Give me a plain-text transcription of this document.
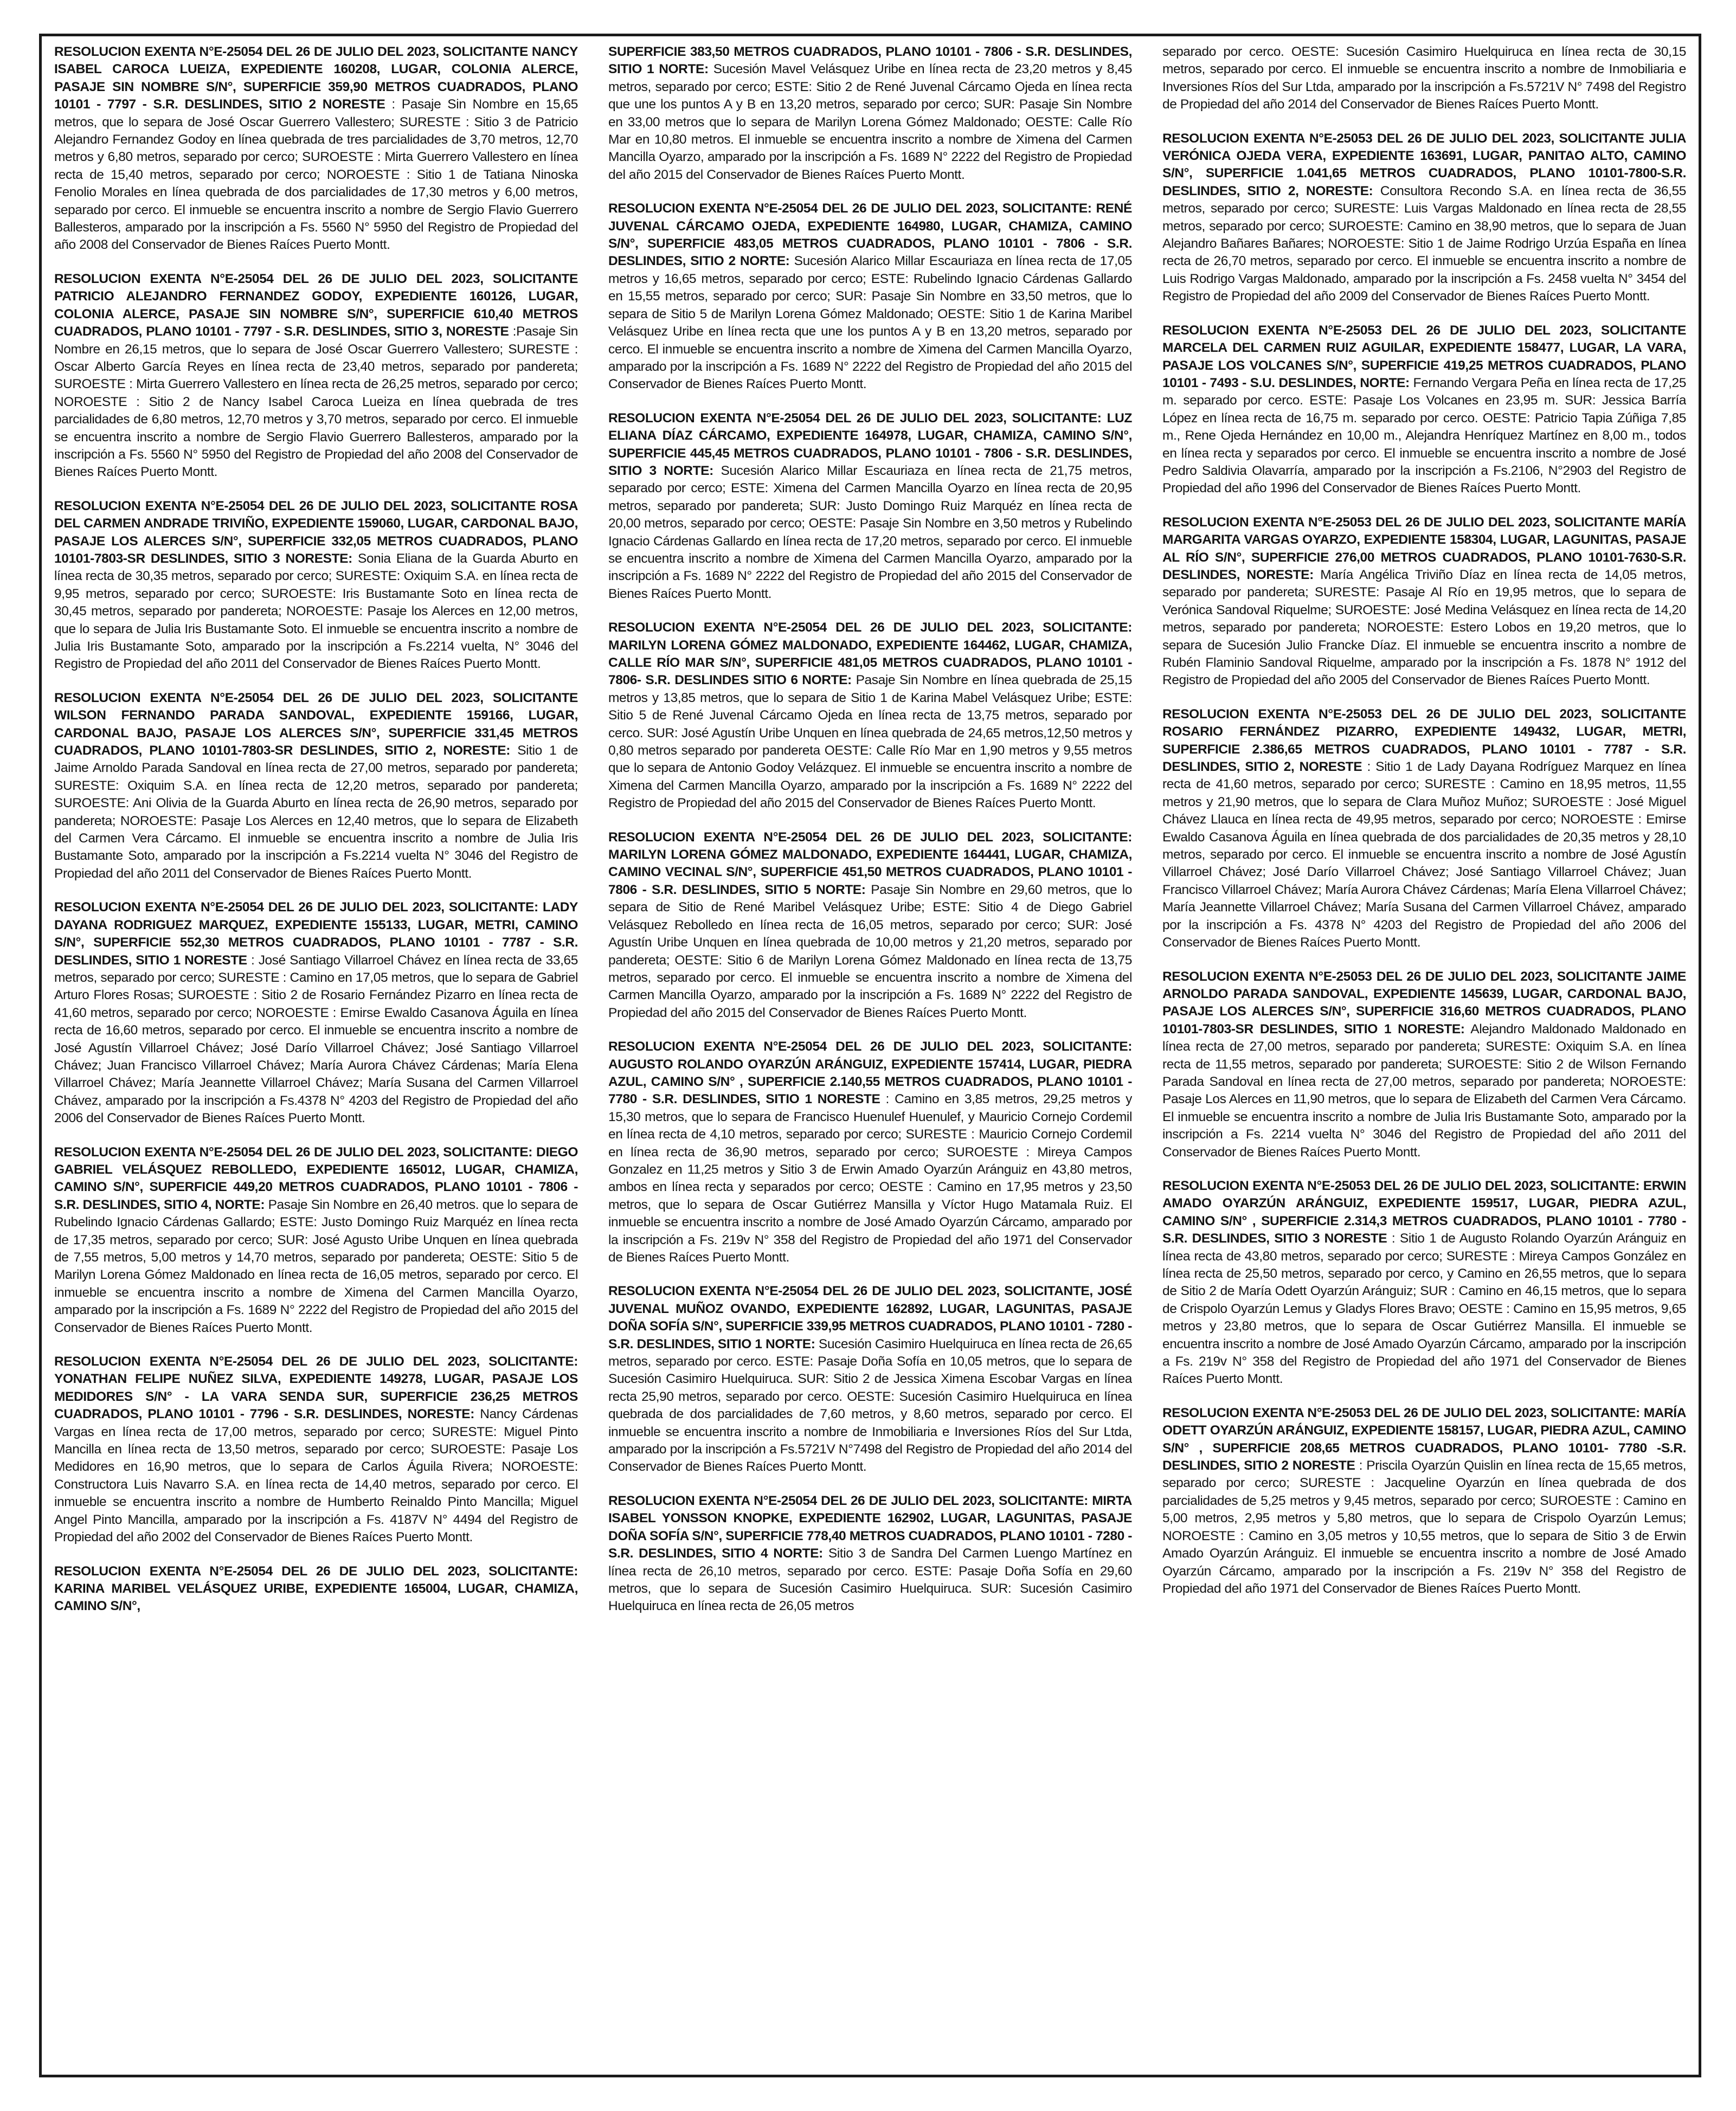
RESOLUCION EXENTA N°E-25054 DEL 26 DE JULIO DEL 2023, SOLICITANTE NANCY ISABEL CAROCA LUEIZA, EXPEDIENTE 160208, LUGAR, COLONIA ALERCE, PASAJE SIN NOMBRE S/N°, SUPERFICIE 359,90 METROS CUADRADOS, PLANO 10101 - 7797 - S.R. DESLINDES, SITIO 2 NORESTE : Pasaje Sin Nombre en 15,65 metros, que lo separa de José Oscar Guerrero Vallestero; SURESTE : Sitio 3 de Patricio Alejandro Fernandez Godoy en línea quebrada de tres parcialidades de 3,70 metros, 12,70 metros y 6,80 metros, separado por cerco; SUROESTE : Mirta Guerrero Vallestero en línea recta de 15,40 metros, separado por cerco; NOROESTE : Sitio 1 de Tatiana Ninoska Fenolio Morales en línea quebrada de dos parcialidades de 17,30 metros y 6,00 metros, separado por cerco. El inmueble se encuentra inscrito a nombre de Sergio Flavio Guerrero Ballesteros, amparado por la inscripción a Fs. 5560 N° 5950 del Registro de Propiedad del año 2008 del Conservador de Bienes Raíces Puerto Montt.

RESOLUCION EXENTA N°E-25054 DEL 26 DE JULIO DEL 2023, SOLICITANTE PATRICIO ALEJANDRO FERNANDEZ GODOY, EXPEDIENTE 160126, LUGAR, COLONIA ALERCE, PASAJE SIN NOMBRE S/N°, SUPERFICIE 610,40 METROS CUADRADOS, PLANO 10101 - 7797 - S.R. DESLINDES, SITIO 3, NORESTE :Pasaje Sin Nombre en 26,15 metros, que lo separa de José Oscar Guerrero Vallestero; SURESTE : Oscar Alberto García Reyes en línea recta de 23,40 metros, separado por pandereta; SUROESTE : Mirta Guerrero Vallestero en línea recta de 26,25 metros, separado por cerco; NOROESTE : Sitio 2 de Nancy Isabel Caroca Lueiza en línea quebrada de tres parcialidades de 6,80 metros, 12,70 metros y 3,70 metros, separado por cerco. El inmueble se encuentra inscrito a nombre de Sergio Flavio Guerrero Ballesteros, amparado por la inscripción a Fs. 5560 N° 5950 del Registro de Propiedad del año 2008 del Conservador de Bienes Raíces Puerto Montt.

RESOLUCION EXENTA N°E-25054 DEL 26 DE JULIO DEL 2023, SOLICITANTE ROSA DEL CARMEN ANDRADE TRIVIÑO, EXPEDIENTE 159060, LUGAR, CARDONAL BAJO, PASAJE LOS ALERCES S/N°, SUPERFICIE 332,05 METROS CUADRADOS, PLANO 10101-7803-SR DESLINDES, SITIO 3 NORESTE: Sonia Eliana de la Guarda Aburto en línea recta de 30,35 metros, separado por cerco; SURESTE: Oxiquim S.A. en línea recta de 9,95 metros, separado por cerco; SUROESTE: Iris Bustamante Soto en línea recta de 30,45 metros, separado por pandereta; NOROESTE: Pasaje los Alerces en 12,00 metros, que lo separa de Julia Iris Bustamante Soto. El inmueble se encuentra inscrito a nombre de Julia Iris Bustamante Soto, amparado por la inscripción a Fs.2214 vuelta, N° 3046 del Registro de Propiedad del año 2011 del Conservador de Bienes Raíces Puerto Montt.

RESOLUCION EXENTA N°E-25054 DEL 26 DE JULIO DEL 2023, SOLICITANTE WILSON FERNANDO PARADA SANDOVAL, EXPEDIENTE 159166, LUGAR, CARDONAL BAJO, PASAJE LOS ALERCES S/N°, SUPERFICIE 331,45 METROS CUADRADOS, PLANO 10101-7803-SR DESLINDES, SITIO 2, NORESTE: Sitio 1 de Jaime Arnoldo Parada Sandoval en línea recta de 27,00 metros, separado por pandereta; SURESTE: Oxiquim S.A. en línea recta de 12,20 metros, separado por pandereta; SUROESTE: Ani Olivia de la Guarda Aburto en línea recta de 26,90 metros, separado por pandereta; NOROESTE: Pasaje Los Alerces en 12,40 metros, que lo separa de Elizabeth del Carmen Vera Cárcamo. El inmueble se encuentra inscrito a nombre de Julia Iris Bustamante Soto, amparado por la inscripción a Fs.2214 vuelta N° 3046 del Registro de Propiedad del año 2011 del Conservador de Bienes Raíces Puerto Montt.

RESOLUCION EXENTA N°E-25054 DEL 26 DE JULIO DEL 2023, SOLICITANTE: LADY DAYANA RODRIGUEZ MARQUEZ, EXPEDIENTE 155133, LUGAR, METRI, CAMINO S/N°, SUPERFICIE 552,30 METROS CUADRADOS, PLANO 10101 - 7787 - S.R. DESLINDES, SITIO 1 NORESTE : José Santiago Villarroel Chávez en línea recta de 33,65 metros, separado por cerco; SURESTE : Camino en 17,05 metros, que lo separa de Gabriel Arturo Flores Rosas; SUROESTE : Sitio 2 de Rosario Fernández Pizarro en línea recta de 41,60 metros, separado por cerco; NOROESTE : Emirse Ewaldo Casanova Águila en línea recta de 16,60 metros, separado por cerco. El inmueble se encuentra inscrito a nombre de José Agustín Villarroel Chávez; José Darío Villarroel Chávez; José Santiago Villarroel Chávez; Juan Francisco Villarroel Chávez; María Aurora Chávez Cárdenas; María Elena Villarroel Chávez; María Jeannette Villarroel Chávez; María Susana del Carmen Villarroel Chávez, amparado por la inscripción a Fs.4378 N° 4203 del Registro de Propiedad del año 2006 del Conservador de Bienes Raíces Puerto Montt.

RESOLUCION EXENTA N°E-25054 DEL 26 DE JULIO DEL 2023, SOLICITANTE: DIEGO GABRIEL VELÁSQUEZ REBOLLEDO, EXPEDIENTE 165012, LUGAR, CHAMIZA, CAMINO S/N°, SUPERFICIE 449,20 METROS CUADRADOS, PLANO 10101 - 7806 - S.R. DESLINDES, SITIO 4, NORTE: Pasaje Sin Nombre en 26,40 metros. que lo separa de Rubelindo Ignacio Cárdenas Gallardo; ESTE: Justo Domingo Ruiz Marquéz en línea recta de 17,35 metros, separado por cerco; SUR: José Agusto Uribe Unquen en línea quebrada de 7,55 metros, 5,00 metros y 14,70 metros, separado por pandereta; OESTE: Sitio 5 de Marilyn Lorena Gómez Maldonado en línea recta de 16,05 metros, separado por cerco. El inmueble se encuentra inscrito a nombre de Ximena del Carmen Mancilla Oyarzo, amparado por la inscripción a Fs. 1689 N° 2222 del Registro de Propiedad del año 2015 del Conservador de Bienes Raíces Puerto Montt.

RESOLUCION EXENTA N°E-25054 DEL 26 DE JULIO DEL 2023, SOLICITANTE: YONATHAN FELIPE NUÑEZ SILVA, EXPEDIENTE 149278, LUGAR, PASAJE LOS MEDIDORES S/N° - LA VARA SENDA SUR, SUPERFICIE 236,25 METROS CUADRADOS, PLANO 10101 - 7796 - S.R. DESLINDES, NORESTE: Nancy Cárdenas Vargas en línea recta de 17,00 metros, separado por cerco; SURESTE: Miguel Pinto Mancilla en línea recta de 13,50 metros, separado por cerco; SUROESTE: Pasaje Los Medidores en 16,90 metros, que lo separa de Carlos Águila Rivera; NOROESTE: Constructora Luis Navarro S.A. en línea recta de 14,40 metros, separado por cerco. El inmueble se encuentra inscrito a nombre de Humberto Reinaldo Pinto Mancilla; Miguel Angel Pinto Mancilla, amparado por la inscripción a Fs. 4187V N° 4494 del Registro de Propiedad del año 2002 del Conservador de Bienes Raíces Puerto Montt.

RESOLUCION EXENTA N°E-25054 DEL 26 DE JULIO DEL 2023, SOLICITANTE: KARINA MARIBEL VELÁSQUEZ URIBE, EXPEDIENTE 165004, LUGAR, CHAMIZA, CAMINO S/N°,

SUPERFICIE 383,50 METROS CUADRADOS, PLANO 10101 - 7806 - S.R. DESLINDES, SITIO 1 NORTE: Sucesión Mavel Velásquez Uribe en línea recta de 23,20 metros y 8,45 metros, separado por cerco; ESTE: Sitio 2 de René Juvenal Cárcamo Ojeda en línea recta que une los puntos A y B en 13,20 metros, separado por cerco; SUR: Pasaje Sin Nombre en 33,00 metros que lo separa de Marilyn Lorena Gómez Maldonado; OESTE: Calle Río Mar en 10,80 metros. El inmueble se encuentra inscrito a nombre de Ximena del Carmen Mancilla Oyarzo, amparado por la inscripción a Fs. 1689 N° 2222 del Registro de Propiedad del año 2015 del Conservador de Bienes Raíces Puerto Montt.

RESOLUCION EXENTA N°E-25054 DEL 26 DE JULIO DEL 2023, SOLICITANTE: RENÉ JUVENAL CÁRCAMO OJEDA, EXPEDIENTE 164980, LUGAR, CHAMIZA, CAMINO S/N°, SUPERFICIE 483,05 METROS CUADRADOS, PLANO 10101 - 7806 - S.R. DESLINDES, SITIO 2 NORTE: Sucesión Alarico Millar Escauriaza en línea recta de 17,05 metros y 16,65 metros, separado por cerco; ESTE: Rubelindo Ignacio Cárdenas Gallardo en 15,55 metros, separado por cerco; SUR: Pasaje Sin Nombre en 33,50 metros, que lo separa de Sitio 5 de Marilyn Lorena Gómez Maldonado; OESTE: Sitio 1 de Karina Maribel Velásquez Uribe en línea recta que une los puntos A y B en 13,20 metros, separado por cerco. El inmueble se encuentra inscrito a nombre de Ximena del Carmen Mancilla Oyarzo, amparado por la inscripción a Fs. 1689 N° 2222 del Registro de Propiedad del año 2015 del Conservador de Bienes Raíces Puerto Montt.

RESOLUCION EXENTA N°E-25054 DEL 26 DE JULIO DEL 2023, SOLICITANTE: LUZ ELIANA DÍAZ CÁRCAMO, EXPEDIENTE 164978, LUGAR, CHAMIZA, CAMINO S/N°, SUPERFICIE 445,45 METROS CUADRADOS, PLANO 10101 - 7806 - S.R. DESLINDES, SITIO 3 NORTE: Sucesión Alarico Millar Escauriaza en línea recta de 21,75 metros, separado por cerco; ESTE: Ximena del Carmen Mancilla Oyarzo en línea recta de 20,95 metros, separado por pandereta; SUR: Justo Domingo Ruiz Marquéz en línea recta de 20,00 metros, separado por cerco; OESTE: Pasaje Sin Nombre en 3,50 metros y Rubelindo Ignacio Cárdenas Gallardo en línea recta de 17,20 metros, separado por cerco. El inmueble se encuentra inscrito a nombre de Ximena del Carmen Mancilla Oyarzo, amparado por la inscripción a Fs. 1689 N° 2222 del Registro de Propiedad del año 2015 del Conservador de Bienes Raíces Puerto Montt.

RESOLUCION EXENTA N°E-25054 DEL 26 DE JULIO DEL 2023, SOLICITANTE: MARILYN LORENA GÓMEZ MALDONADO, EXPEDIENTE 164462, LUGAR, CHAMIZA, CALLE RÍO MAR S/N°, SUPERFICIE 481,05 METROS CUADRADOS, PLANO 10101 - 7806- S.R. DESLINDES SITIO 6 NORTE: Pasaje Sin Nombre en línea quebrada de 25,15 metros y 13,85 metros, que lo separa de Sitio 1 de Karina Mabel Velásquez Uribe; ESTE: Sitio 5 de René Juvenal Cárcamo Ojeda en línea recta de 13,75 metros, separado por cerco. SUR: José Agustín Uribe Unquen en línea quebrada de 24,65 metros,12,50 metros y 0,80 metros separado por pandereta OESTE: Calle Río Mar en 1,90 metros y 9,55 metros que lo separa de Antonio Godoy Velázquez. El inmueble se encuentra inscrito a nombre de Ximena del Carmen Mancilla Oyarzo, amparado por la inscripción a Fs. 1689 N° 2222 del Registro de Propiedad del año 2015 del Conservador de Bienes Raíces Puerto Montt.

RESOLUCION EXENTA N°E-25054 DEL 26 DE JULIO DEL 2023, SOLICITANTE: MARILYN LORENA GÓMEZ MALDONADO, EXPEDIENTE 164441, LUGAR, CHAMIZA, CAMINO VECINAL S/N°, SUPERFICIE 451,50 METROS CUADRADOS, PLANO 10101 - 7806 - S.R. DESLINDES, SITIO 5 NORTE: Pasaje Sin Nombre en 29,60 metros, que lo separa de Sitio de René Maribel Velásquez Uribe; ESTE: Sitio 4 de Diego Gabriel Velásquez Rebolledo en línea recta de 16,05 metros, separado por cerco; SUR: José Agustín Uribe Unquen en línea quebrada de 10,00 metros y 21,20 metros, separado por pandereta; OESTE: Sitio 6 de Marilyn Lorena Gómez Maldonado en línea recta de 13,75 metros, separado por cerco. El inmueble se encuentra inscrito a nombre de Ximena del Carmen Mancilla Oyarzo, amparado por la inscripción a Fs. 1689 N° 2222 del Registro de Propiedad del año 2015 del Conservador de Bienes Raíces Puerto Montt.

RESOLUCION EXENTA N°E-25054 DEL 26 DE JULIO DEL 2023, SOLICITANTE: AUGUSTO ROLANDO OYARZÚN ARÁNGUIZ, EXPEDIENTE 157414, LUGAR, PIEDRA AZUL, CAMINO S/N° , SUPERFICIE 2.140,55 METROS CUADRADOS, PLANO 10101 - 7780 - S.R. DESLINDES, SITIO 1 NORESTE : Camino en 3,85 metros, 29,25 metros y 15,30 metros, que lo separa de Francisco Huenulef Huenulef, y Mauricio Cornejo Cordemil en línea recta de 4,10 metros, separado por cerco; SURESTE : Mauricio Cornejo Cordemil en línea recta de 36,90 metros, separado por cerco; SUROESTE : Mireya Campos Gonzalez en 11,25 metros y Sitio 3 de Erwin Amado Oyarzún Aránguiz en 43,80 metros, ambos en línea recta y separados por cerco; OESTE : Camino en 17,95 metros y 23,50 metros, que lo separa de Oscar Gutiérrez Mansilla y Víctor Hugo Matamala Ruiz. El inmueble se encuentra inscrito a nombre de José Amado Oyarzún Cárcamo, amparado por la inscripción a Fs. 219v N° 358 del Registro de Propiedad del año 1971 del Conservador de Bienes Raíces Puerto Montt.

RESOLUCION EXENTA N°E-25054 DEL 26 DE JULIO DEL 2023, SOLICITANTE, JOSÉ JUVENAL MUÑOZ OVANDO, EXPEDIENTE 162892, LUGAR, LAGUNITAS, PASAJE DOÑA SOFÍA S/N°, SUPERFICIE 339,95 METROS CUADRADOS, PLANO 10101 - 7280 - S.R. DESLINDES, SITIO 1 NORTE: Sucesión Casimiro Huelquiruca en línea recta de 26,65 metros, separado por cerco. ESTE: Pasaje Doña Sofía en 10,05 metros, que lo separa de Sucesión Casimiro Huelquiruca. SUR: Sitio 2 de Jessica Ximena Escobar Vargas en línea recta 25,90 metros, separado por cerco. OESTE: Sucesión Casimiro Huelquiruca en línea quebrada de dos parcialidades de 7,60 metros, y 8,60 metros, separado por cerco. El inmueble se encuentra inscrito a nombre de Inmobiliaria e Inversiones Ríos del Sur Ltda, amparado por la inscripción a Fs.5721V N°7498 del Registro de Propiedad del año 2014 del Conservador de Bienes Raíces Puerto Montt.

RESOLUCION EXENTA N°E-25054 DEL 26 DE JULIO DEL 2023, SOLICITANTE: MIRTA ISABEL YONSSON KNOPKE, EXPEDIENTE 162902, LUGAR, LAGUNITAS, PASAJE DOÑA SOFÍA S/N°, SUPERFICIE 778,40 METROS CUADRADOS, PLANO 10101 - 7280 - S.R. DESLINDES, SITIO 4 NORTE: Sitio 3 de Sandra Del Carmen Luengo Martínez en línea recta de 26,10 metros, separado por cerco. ESTE: Pasaje Doña Sofía en 29,60 metros, que lo separa de Sucesión Casimiro Huelquiruca. SUR: Sucesión Casimiro Huelquiruca en línea recta de 26,05 metros

separado por cerco. OESTE: Sucesión Casimiro Huelquiruca en línea recta de 30,15 metros, separado por cerco. El inmueble se encuentra inscrito a nombre de Inmobiliaria e Inversiones Ríos del Sur Ltda, amparado por la inscripción a Fs.5721V N° 7498 del Registro de Propiedad del año 2014 del Conservador de Bienes Raíces Puerto Montt.

RESOLUCION EXENTA N°E-25053 DEL 26 DE JULIO DEL 2023, SOLICITANTE JULIA VERÓNICA OJEDA VERA, EXPEDIENTE 163691, LUGAR, PANITAO ALTO, CAMINO S/N°, SUPERFICIE 1.041,65 METROS CUADRADOS, PLANO 10101-7800-S.R. DESLINDES, SITIO 2, NORESTE: Consultora Recondo S.A. en línea recta de 36,55 metros, separado por cerco; SURESTE: Luis Vargas Maldonado en línea recta de 28,55 metros, separado por cerco; SUROESTE: Camino en 38,90 metros, que lo separa de Juan Alejandro Bañares Bañares; NOROESTE: Sitio 1 de Jaime Rodrigo Urzúa España en línea recta de 26,70 metros, separado por cerco. El inmueble se encuentra inscrito a nombre de Luis Rodrigo Vargas Maldonado, amparado por la inscripción a Fs. 2458 vuelta N° 3454 del Registro de Propiedad del año 2009 del Conservador de Bienes Raíces Puerto Montt.

RESOLUCION EXENTA N°E-25053 DEL 26 DE JULIO DEL 2023, SOLICITANTE MARCELA DEL CARMEN RUIZ AGUILAR, EXPEDIENTE 158477, LUGAR, LA VARA, PASAJE LOS VOLCANES S/N°, SUPERFICIE 419,25 METROS CUADRADOS, PLANO 10101 - 7493 - S.U. DESLINDES, NORTE: Fernando Vergara Peña en línea recta de 17,25 m. separado por cerco. ESTE: Pasaje Los Volcanes en 23,95 m. SUR: Jessica Barría López en línea recta de 16,75 m. separado por cerco. OESTE: Patricio Tapia Zúñiga 7,85 m., Rene Ojeda Hernández en 10,00 m., Alejandra Henríquez Martínez en 8,00 m., todos en línea recta y separados por cerco. El inmueble se encuentra inscrito a nombre de José Pedro Saldivia Olavarría, amparado por la inscripción a Fs.2106, N°2903 del Registro de Propiedad del año 1996 del Conservador de Bienes Raíces Puerto Montt.

RESOLUCION EXENTA N°E-25053 DEL 26 DE JULIO DEL 2023, SOLICITANTE MARÍA MARGARITA VARGAS OYARZO, EXPEDIENTE 158304, LUGAR, LAGUNITAS, PASAJE AL RÍO S/N°, SUPERFICIE 276,00 METROS CUADRADOS, PLANO 10101-7630-S.R. DESLINDES, NORESTE: María Angélica Triviño Díaz en línea recta de 14,05 metros, separado por pandereta; SURESTE: Pasaje Al Río en 19,95 metros, que lo separa de Verónica Sandoval Riquelme; SUROESTE: José Medina Velásquez en línea recta de 14,20 metros, separado por pandereta; NOROESTE: Estero Lobos en 19,20 metros, que lo separa de Sucesión Julio Francke Díaz. El inmueble se encuentra inscrito a nombre de Rubén Flaminio Sandoval Riquelme, amparado por la inscripción a Fs. 1878 N° 1912 del Registro de Propiedad del año 2005 del Conservador de Bienes Raíces Puerto Montt.

RESOLUCION EXENTA N°E-25053 DEL 26 DE JULIO DEL 2023, SOLICITANTE ROSARIO FERNÁNDEZ PIZARRO, EXPEDIENTE 149432, LUGAR, METRI, SUPERFICIE 2.386,65 METROS CUADRADOS, PLANO 10101 - 7787 - S.R. DESLINDES, SITIO 2, NORESTE : Sitio 1 de Lady Dayana Rodríguez Marquez en línea recta de 41,60 metros, separado por cerco; SURESTE : Camino en 18,95 metros, 11,55 metros y 21,90 metros, que lo separa de Clara Muñoz Muñoz; SUROESTE : José Miguel Chávez Llauca en línea recta de 49,95 metros, separado por cerco; NOROESTE : Emirse Ewaldo Casanova Águila en línea quebrada de dos parcialidades de 20,35 metros y 28,10 metros, separado por cerco. El inmueble se encuentra inscrito a nombre de José Agustín Villarroel Chávez; José Darío Villarroel Chávez; José Santiago Villarroel Chávez; Juan Francisco Villarroel Chávez; María Aurora Chávez Cárdenas; María Elena Villarroel Chávez; María Jeannette Villarroel Chávez; María Susana del Carmen Villarroel Chávez, amparado por la inscripción a Fs. 4378 N° 4203 del Registro de Propiedad del año 2006 del Conservador de Bienes Raíces Puerto Montt.

RESOLUCION EXENTA N°E-25053 DEL 26 DE JULIO DEL 2023, SOLICITANTE JAIME ARNOLDO PARADA SANDOVAL, EXPEDIENTE 145639, LUGAR, CARDONAL BAJO, PASAJE LOS ALERCES S/N°, SUPERFICIE 316,60 METROS CUADRADOS, PLANO 10101-7803-SR DESLINDES, SITIO 1 NORESTE: Alejandro Maldonado Maldonado en línea recta de 27,00 metros, separado por pandereta; SURESTE: Oxiquim S.A. en línea recta de 11,55 metros, separado por pandereta; SUROESTE: Sitio 2 de Wilson Fernando Parada Sandoval en línea recta de 27,00 metros, separado por pandereta; NOROESTE: Pasaje Los Alerces en 11,90 metros, que lo separa de Elizabeth del Carmen Vera Cárcamo. El inmueble se encuentra inscrito a nombre de Julia Iris Bustamante Soto, amparado por la inscripción a Fs. 2214 vuelta N° 3046 del Registro de Propiedad del año 2011 del Conservador de Bienes Raíces Puerto Montt.

RESOLUCION EXENTA N°E-25053 DEL 26 DE JULIO DEL 2023, SOLICITANTE: ERWIN AMADO OYARZÚN ARÁNGUIZ, EXPEDIENTE 159517, LUGAR, PIEDRA AZUL, CAMINO S/N° , SUPERFICIE 2.314,3 METROS CUADRADOS, PLANO 10101 - 7780 - S.R. DESLINDES, SITIO 3 NORESTE : Sitio 1 de Augusto Rolando Oyarzún Aránguiz en línea recta de 43,80 metros, separado por cerco; SURESTE : Mireya Campos González en línea recta de 25,50 metros, separado por cerco, y Camino en 26,55 metros, que lo separa de Sitio 2 de María Odett Oyarzún Aránguiz; SUR : Camino en 46,15 metros, que lo separa de Crispolo Oyarzún Lemus y Gladys Flores Bravo; OESTE : Camino en 15,95 metros, 9,65 metros y 23,80 metros, que lo separa de Oscar Gutiérrez Mansilla. El inmueble se encuentra inscrito a nombre de José Amado Oyarzún Cárcamo, amparado por la inscripción a Fs. 219v N° 358 del Registro de Propiedad del año 1971 del Conservador de Bienes Raíces Puerto Montt.

RESOLUCION EXENTA N°E-25053 DEL 26 DE JULIO DEL 2023, SOLICITANTE: MARÍA ODETT OYARZÚN ARÁNGUIZ, EXPEDIENTE 158157, LUGAR, PIEDRA AZUL, CAMINO S/N° , SUPERFICIE 208,65 METROS CUADRADOS, PLANO 10101- 7780 -S.R. DESLINDES, SITIO 2 NORESTE : Priscila Oyarzún Quislin en línea recta de 15,65 metros, separado por cerco; SURESTE : Jacqueline Oyarzún en línea quebrada de dos parcialidades de 5,25 metros y 9,45 metros, separado por cerco; SUROESTE : Camino en 5,00 metros, 2,95 metros y 5,80 metros, que lo separa de Crispolo Oyarzún Lemus; NOROESTE : Camino en 3,05 metros y 10,55 metros, que lo separa de Sitio 3 de Erwin Amado Oyarzún Aránguiz. El inmueble se encuentra inscrito a nombre de José Amado Oyarzún Cárcamo, amparado por la inscripción a Fs. 219v N° 358 del Registro de Propiedad del año 1971 del Conservador de Bienes Raíces Puerto Montt.
